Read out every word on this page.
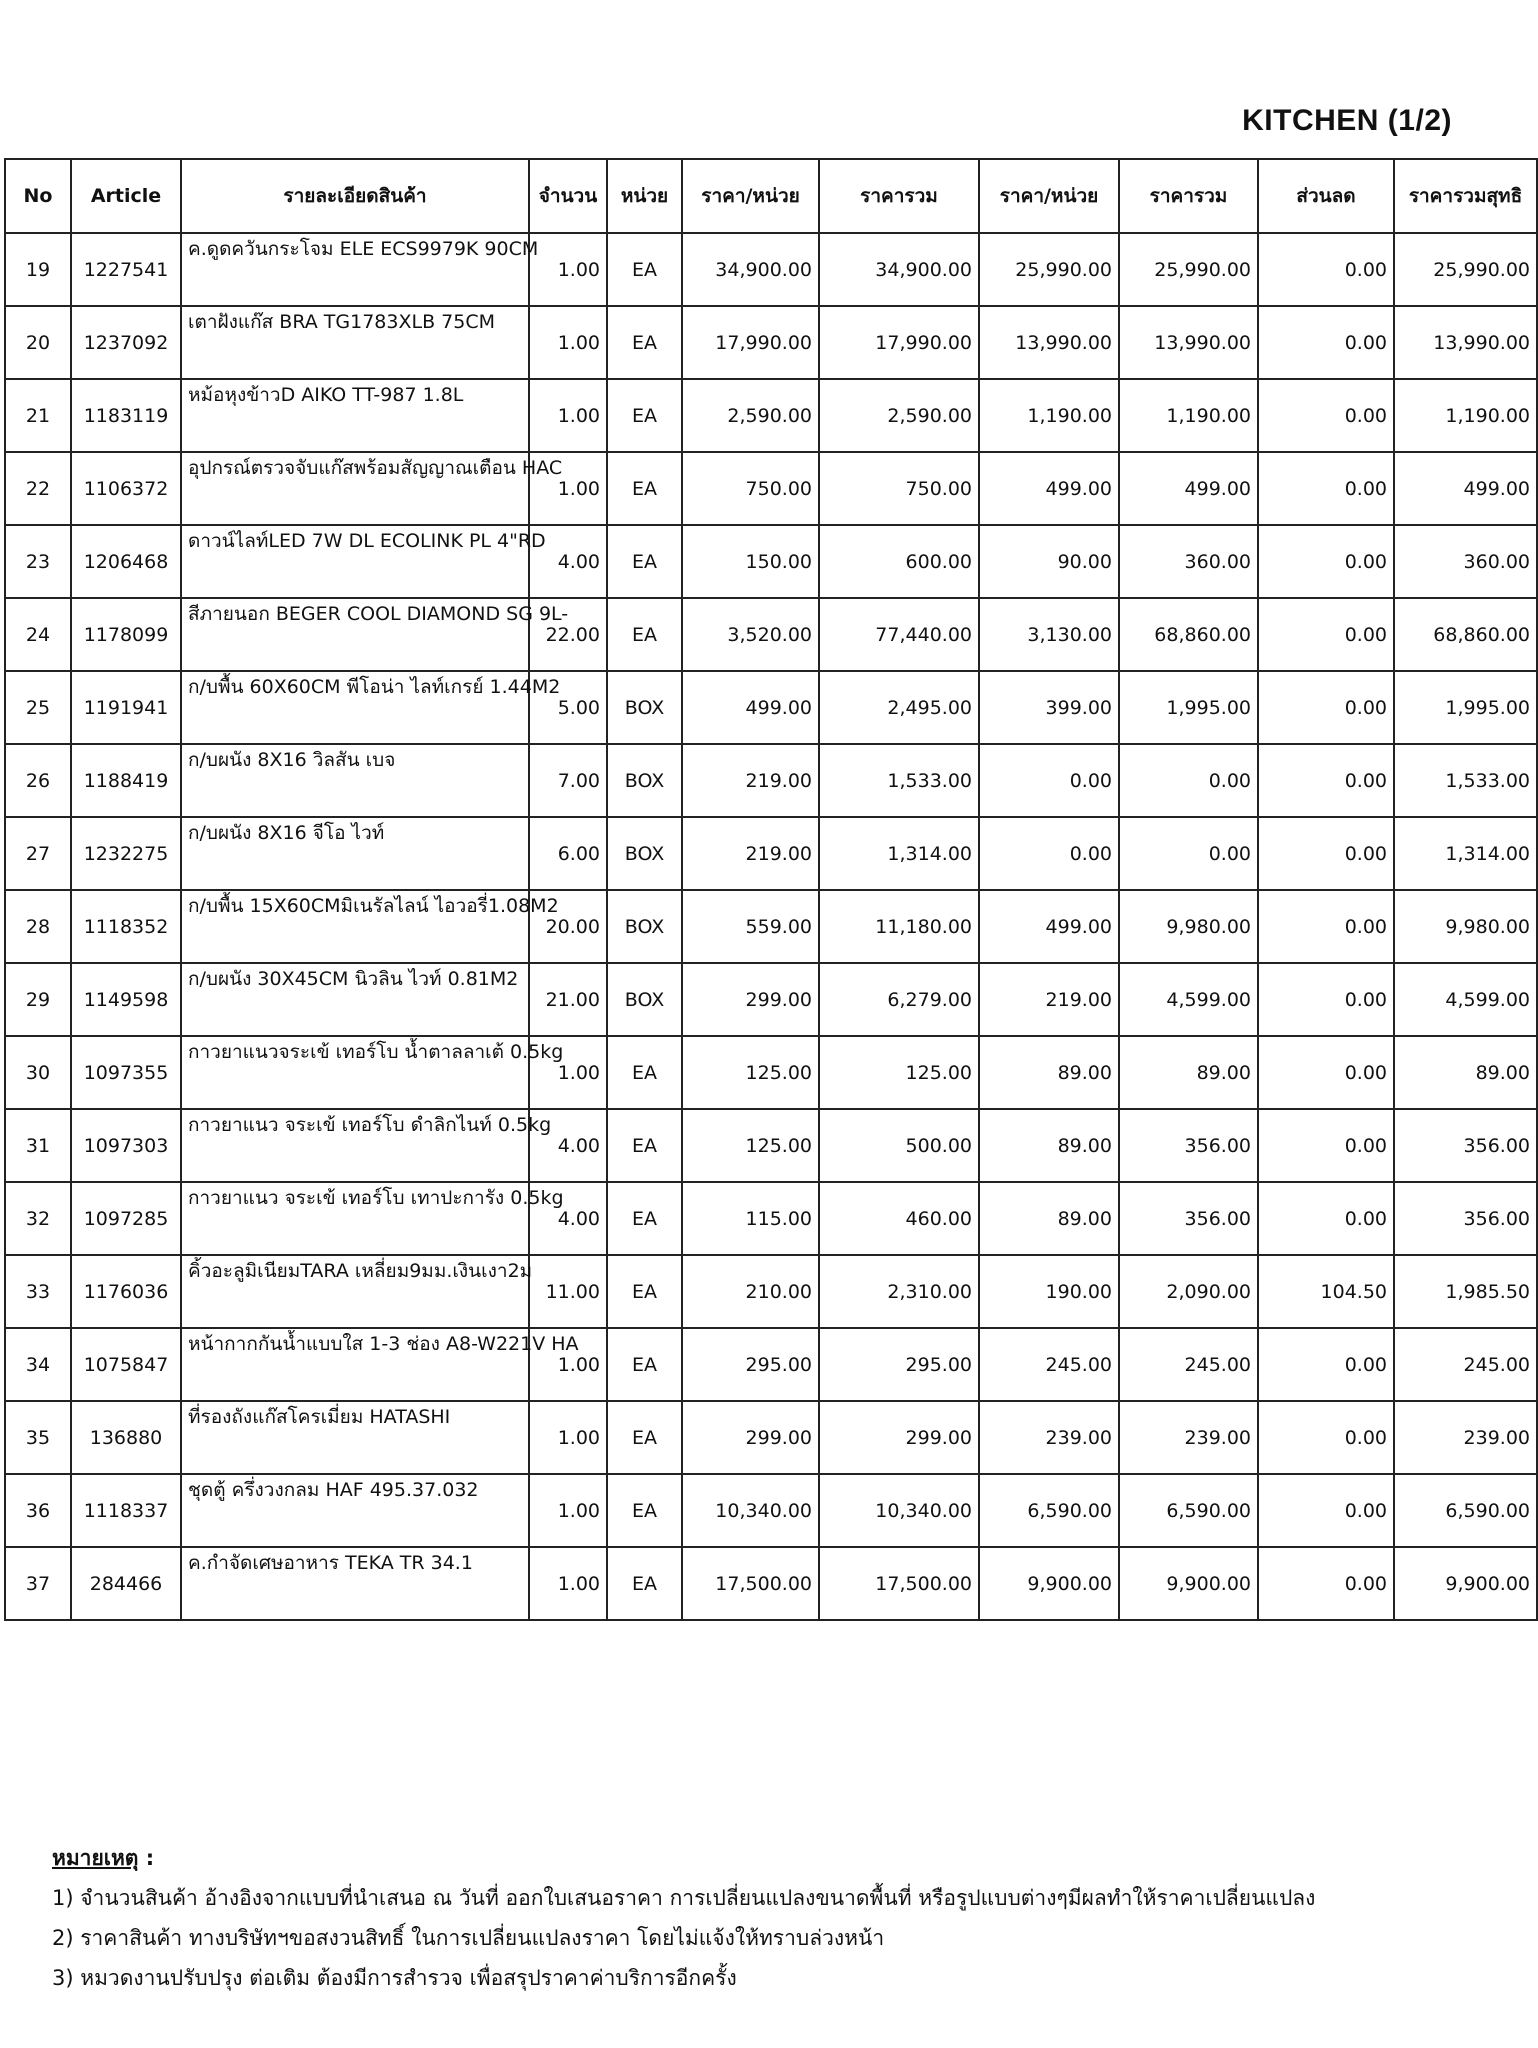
KITCHEN (1/2)
No	Article	รายละเอียดสินค้า	จำนวน	หน่วย	ราคา/หน่วย	ราคารวม	ราคา/หน่วย	ราคารวม	ส่วนลด	ราคารวมสุทธิ
19	1227541	ค.ดูดควันกระโจม ELE ECS9979K 90CM	1.00	EA	34,900.00	34,900.00	25,990.00	25,990.00	0.00	25,990.00
20	1237092	เตาฝังแก๊ส BRA TG1783XLB 75CM	1.00	EA	17,990.00	17,990.00	13,990.00	13,990.00	0.00	13,990.00
21	1183119	หม้อหุงข้าวD AIKO TT-987 1.8L	1.00	EA	2,590.00	2,590.00	1,190.00	1,190.00	0.00	1,190.00
22	1106372	อุปกรณ์ตรวจจับแก๊สพร้อมสัญญาณเตือน HAC	1.00	EA	750.00	750.00	499.00	499.00	0.00	499.00
23	1206468	ดาวน์ไลท์LED 7W DL ECOLINK PL 4"RD	4.00	EA	150.00	600.00	90.00	360.00	0.00	360.00
24	1178099	สีภายนอก BEGER COOL DIAMOND SG 9L-	22.00	EA	3,520.00	77,440.00	3,130.00	68,860.00	0.00	68,860.00
25	1191941	ก/บพื้น 60X60CM พีโอน่า ไลท์เกรย์ 1.44M2	5.00	BOX	499.00	2,495.00	399.00	1,995.00	0.00	1,995.00
26	1188419	ก/บผนัง 8X16 วิลสัน เบจ	7.00	BOX	219.00	1,533.00	0.00	0.00	0.00	1,533.00
27	1232275	ก/บผนัง 8X16 จีโอ ไวท์	6.00	BOX	219.00	1,314.00	0.00	0.00	0.00	1,314.00
28	1118352	ก/บพื้น 15X60CMมิเนรัลไลน์ ไอวอรี่1.08M2	20.00	BOX	559.00	11,180.00	499.00	9,980.00	0.00	9,980.00
29	1149598	ก/บผนัง 30X45CM นิวลิน ไวท์ 0.81M2	21.00	BOX	299.00	6,279.00	219.00	4,599.00	0.00	4,599.00
30	1097355	กาวยาแนวจระเข้ เทอร์โบ น้ำตาลลาเต้ 0.5kg	1.00	EA	125.00	125.00	89.00	89.00	0.00	89.00
31	1097303	กาวยาแนว จระเข้ เทอร์โบ ดำลิกไนท์ 0.5kg	4.00	EA	125.00	500.00	89.00	356.00	0.00	356.00
32	1097285	กาวยาแนว จระเข้ เทอร์โบ เทาปะการัง 0.5kg	4.00	EA	115.00	460.00	89.00	356.00	0.00	356.00
33	1176036	คิ้วอะลูมิเนียมTARA เหลี่ยม9มม.เงินเงา2ม	11.00	EA	210.00	2,310.00	190.00	2,090.00	104.50	1,985.50
34	1075847	หน้ากากกันน้ำแบบใส 1-3 ช่อง A8-W221V HA	1.00	EA	295.00	295.00	245.00	245.00	0.00	245.00
35	136880	ที่รองถังแก๊สโครเมี่ยม HATASHI	1.00	EA	299.00	299.00	239.00	239.00	0.00	239.00
36	1118337	ชุดตู้ ครึ่งวงกลม HAF 495.37.032	1.00	EA	10,340.00	10,340.00	6,590.00	6,590.00	0.00	6,590.00
37	284466	ค.กำจัดเศษอาหาร TEKA TR 34.1	1.00	EA	17,500.00	17,500.00	9,900.00	9,900.00	0.00	9,900.00
หมายเหตุ :
1) จำนวนสินค้า อ้างอิงจากแบบที่นำเสนอ ณ วันที่ ออกใบเสนอราคา การเปลี่ยนแปลงขนาดพื้นที่ หรือรูปแบบต่างๆมีผลทำให้ราคาเปลี่ยนแปลง
2) ราคาสินค้า ทางบริษัทฯขอสงวนสิทธิ์ ในการเปลี่ยนแปลงราคา โดยไม่แจ้งให้ทราบล่วงหน้า
3) หมวดงานปรับปรุง ต่อเติม ต้องมีการสำรวจ เพื่อสรุปราคาค่าบริการอีกครั้ง
